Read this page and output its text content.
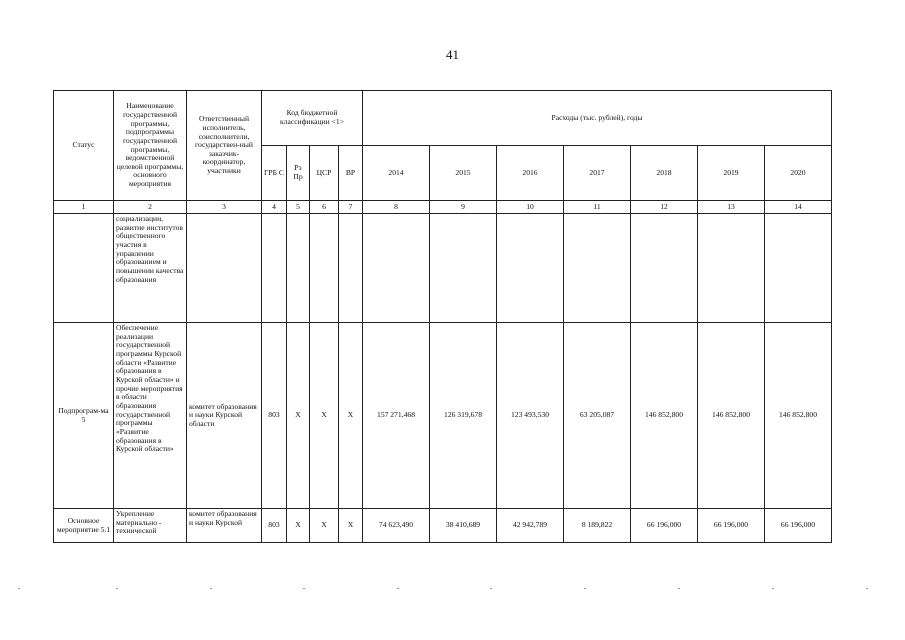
41
Статус	Наименование государственной программы, подпрограммы государственной программы, ведомственной целевой программы, основного мероприятия	Ответственный исполнитель, соисполнители, государствен-ный заказчик-координатор, участники	Код бюджетной классификации <1>				Расходы (тыс. рублей), годы						
			ГРБ С	Рз Пр	ЦСР	ВР	2014	2015	2016	2017	2018	2019	2020
1	2	3	4	5	6	7	8	9	10	11	12	13	14
	социализации, развитие институтов общественного участия в управлении образованием и повышении качества образования												
Подпрограм-ма 5	Обеспечение реализации государственной программы Курской области «Развитие образования в Курской области» и прочие мероприятия в области образования государственной программы «Развитие образования в Курской области»	комитет образования и науки Курской области	803	Х	Х	Х	157 271,468	126 319,678	123 493,530	63 205,087	146 852,800	146 852,800	146 852,800
Основное мероприятие 5.1	Укрепление материально - технической	комитет образования и науки Курской	803	Х	Х	Х	74 623,490	38 410,689	42 942,789	8 189,822	66 196,000	66 196,000	66 196,000
